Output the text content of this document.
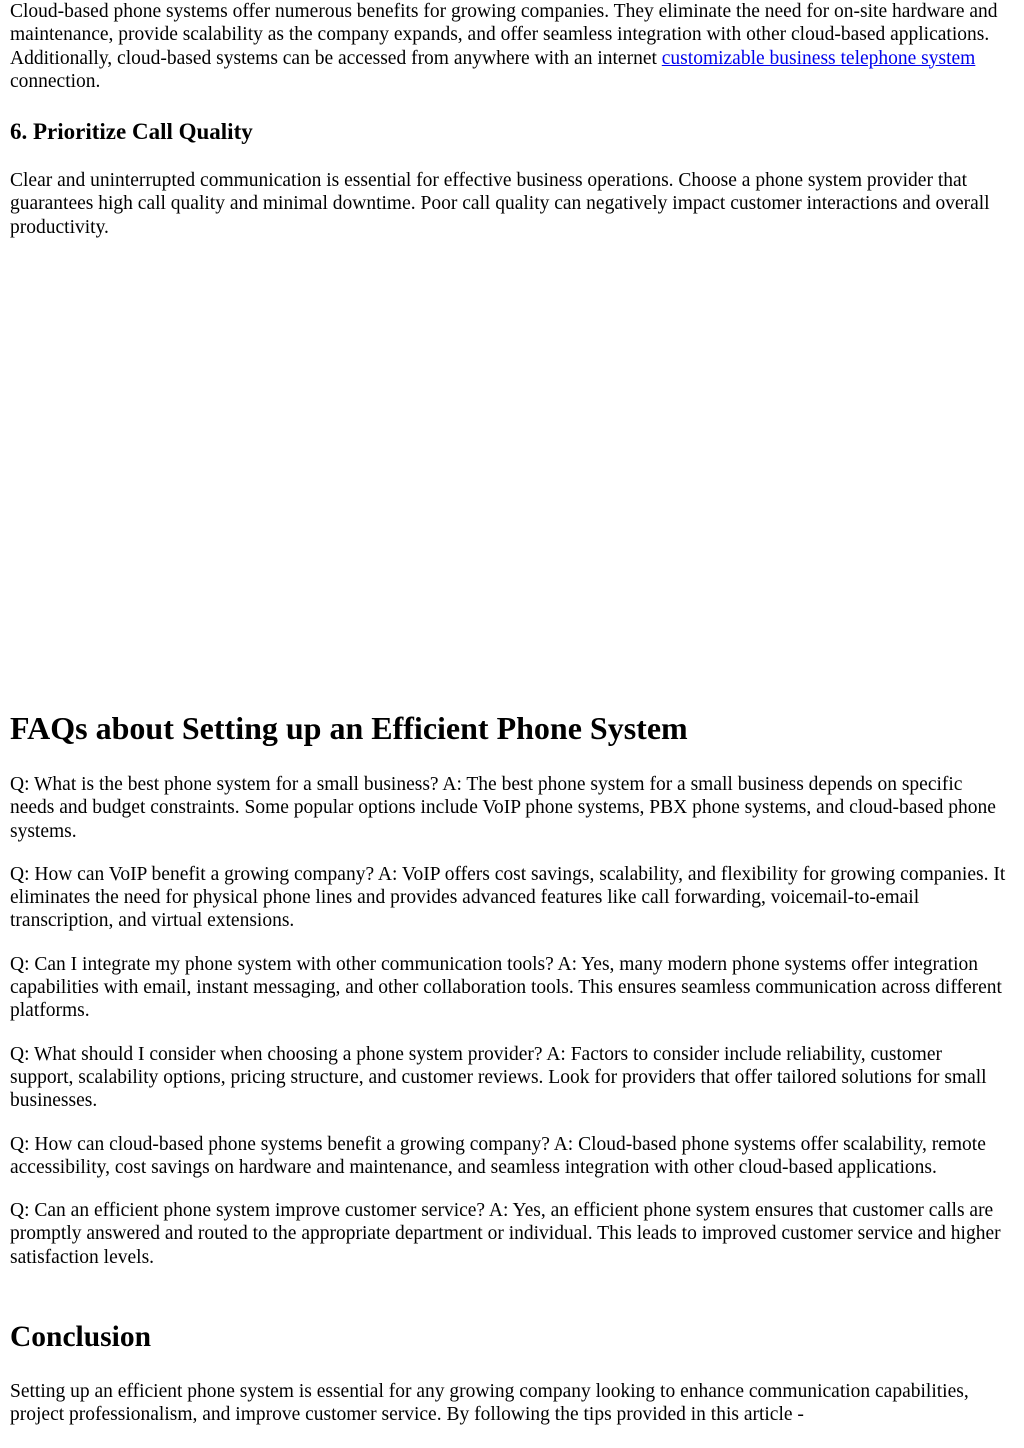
Cloud-based phone systems offer numerous benefits for growing companies. They eliminate the need for on-site hardware and maintenance, provide scalability as the company expands, and offer seamless integration with other cloud-based applications. Additionally, cloud-based systems can be accessed from anywhere with an internet customizable business telephone system connection.

6. Prioritize Call Quality

Clear and uninterrupted communication is essential for effective business operations. Choose a phone system provider that guarantees high call quality and minimal downtime. Poor call quality can negatively impact customer interactions and overall productivity.

FAQs about Setting up an Efficient Phone System

Q: What is the best phone system for a small business? A: The best phone system for a small business depends on specific needs and budget constraints. Some popular options include VoIP phone systems, PBX phone systems, and cloud-based phone systems.

Q: How can VoIP benefit a growing company? A: VoIP offers cost savings, scalability, and flexibility for growing companies. It eliminates the need for physical phone lines and provides advanced features like call forwarding, voicemail-to-email transcription, and virtual extensions.

Q: Can I integrate my phone system with other communication tools? A: Yes, many modern phone systems offer integration capabilities with email, instant messaging, and other collaboration tools. This ensures seamless communication across different platforms.

Q: What should I consider when choosing a phone system provider? A: Factors to consider include reliability, customer support, scalability options, pricing structure, and customer reviews. Look for providers that offer tailored solutions for small businesses.

Q: How can cloud-based phone systems benefit a growing company? A: Cloud-based phone systems offer scalability, remote accessibility, cost savings on hardware and maintenance, and seamless integration with other cloud-based applications.

Q: Can an efficient phone system improve customer service? A: Yes, an efficient phone system ensures that customer calls are promptly answered and routed to the appropriate department or individual. This leads to improved customer service and higher satisfaction levels.

Conclusion

Setting up an efficient phone system is essential for any growing company looking to enhance communication capabilities, project professionalism, and improve customer service. By following the tips provided in this article -
